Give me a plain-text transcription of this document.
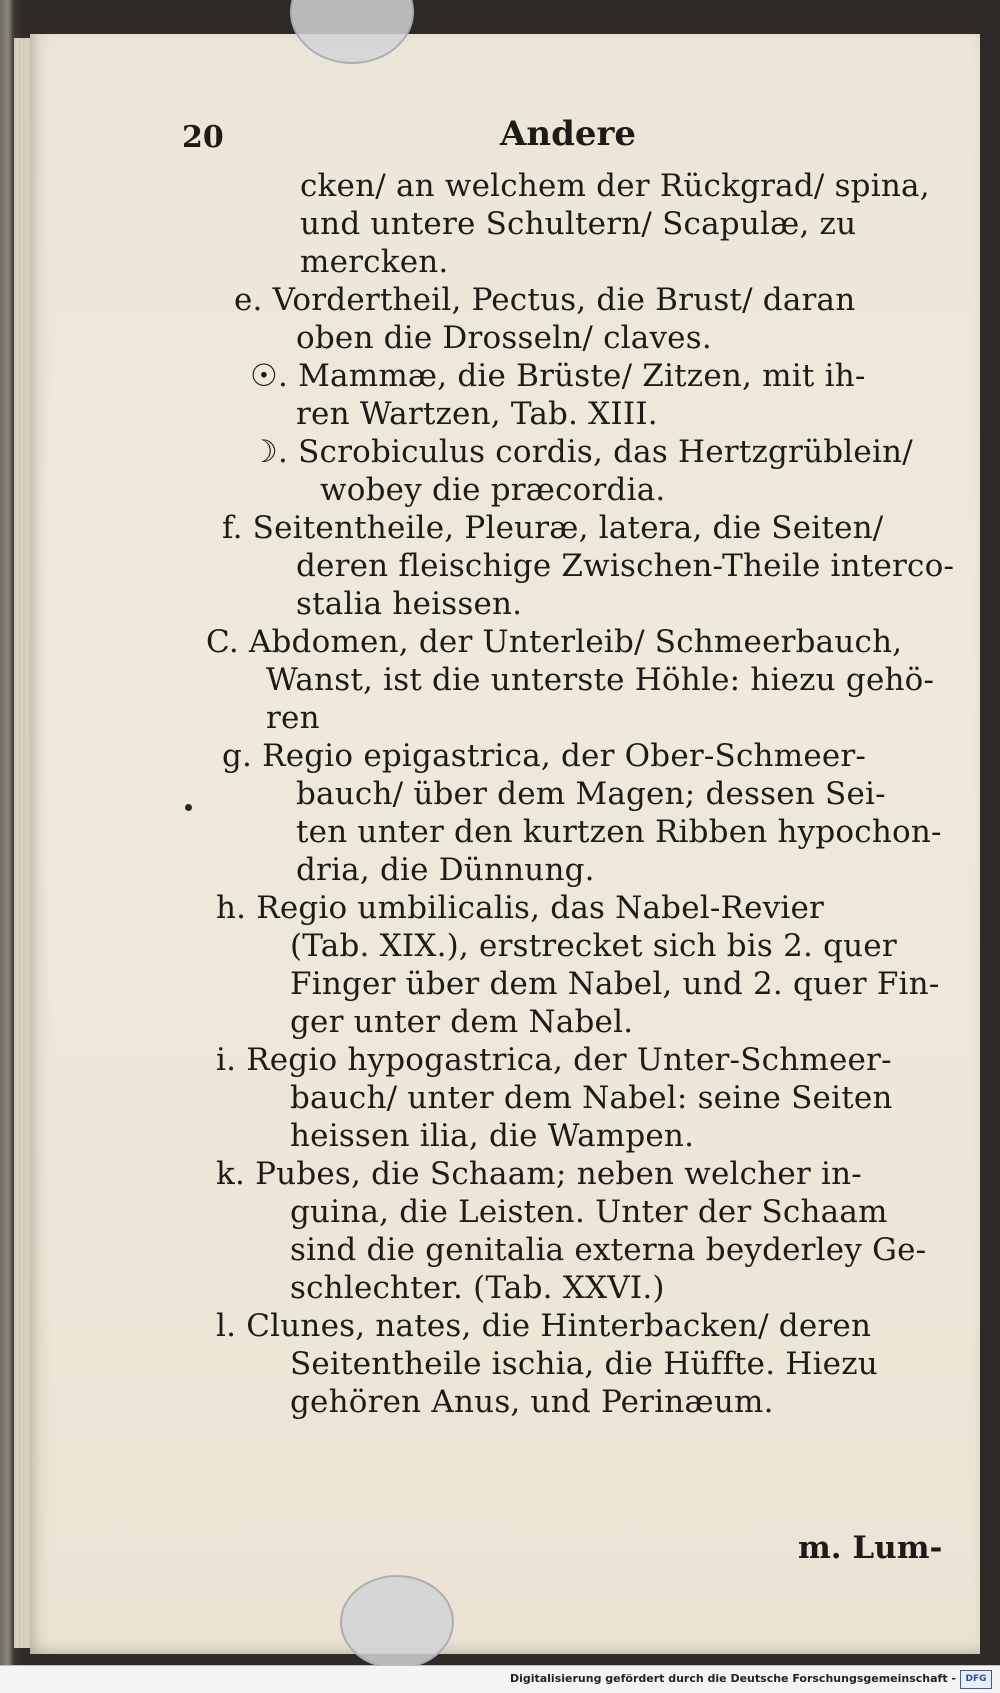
20	Andere
cken/ an welchem der Rückgrad/ spina,
und untere Schultern/ Scapulæ, zu
mercken.
e. Vordertheil, Pectus, die Brust/ daran
oben die Drosseln/ claves.
☉. Mammæ, die Brüste/ Zitzen, mit ih-
ren Wartzen, Tab. XIII.
☽. Scrobiculus cordis, das Hertzgrüblein/
wobey die præcordia.
f. Seitentheile, Pleuræ, latera, die Seiten/
deren fleischige Zwischen-Theile interco-
stalia heissen.
C. Abdomen, der Unterleib/ Schmeerbauch,
Wanst, ist die unterste Höhle: hiezu gehö-
ren
g. Regio epigastrica, der Ober-Schmeer-
bauch/ über dem Magen; dessen Sei-
ten unter den kurtzen Ribben hypochon-
dria, die Dünnung.
h. Regio umbilicalis, das Nabel-Revier
(Tab. XIX.), erstrecket sich bis 2. quer
Finger über dem Nabel, und 2. quer Fin-
ger unter dem Nabel.
i. Regio hypogastrica, der Unter-Schmeer-
bauch/ unter dem Nabel: seine Seiten
heissen ilia, die Wampen.
k. Pubes, die Schaam; neben welcher in-
guina, die Leisten. Unter der Schaam
sind die genitalia externa beyderley Ge-
schlechter. (Tab. XXVI.)
l. Clunes, nates, die Hinterbacken/ deren
Seitentheile ischia, die Hüffte. Hiezu
gehören Anus, und Perinæum.
m. Lum-
Digitalisierung gefördert durch die Deutsche Forschungsgemeinschaft -	DFG
